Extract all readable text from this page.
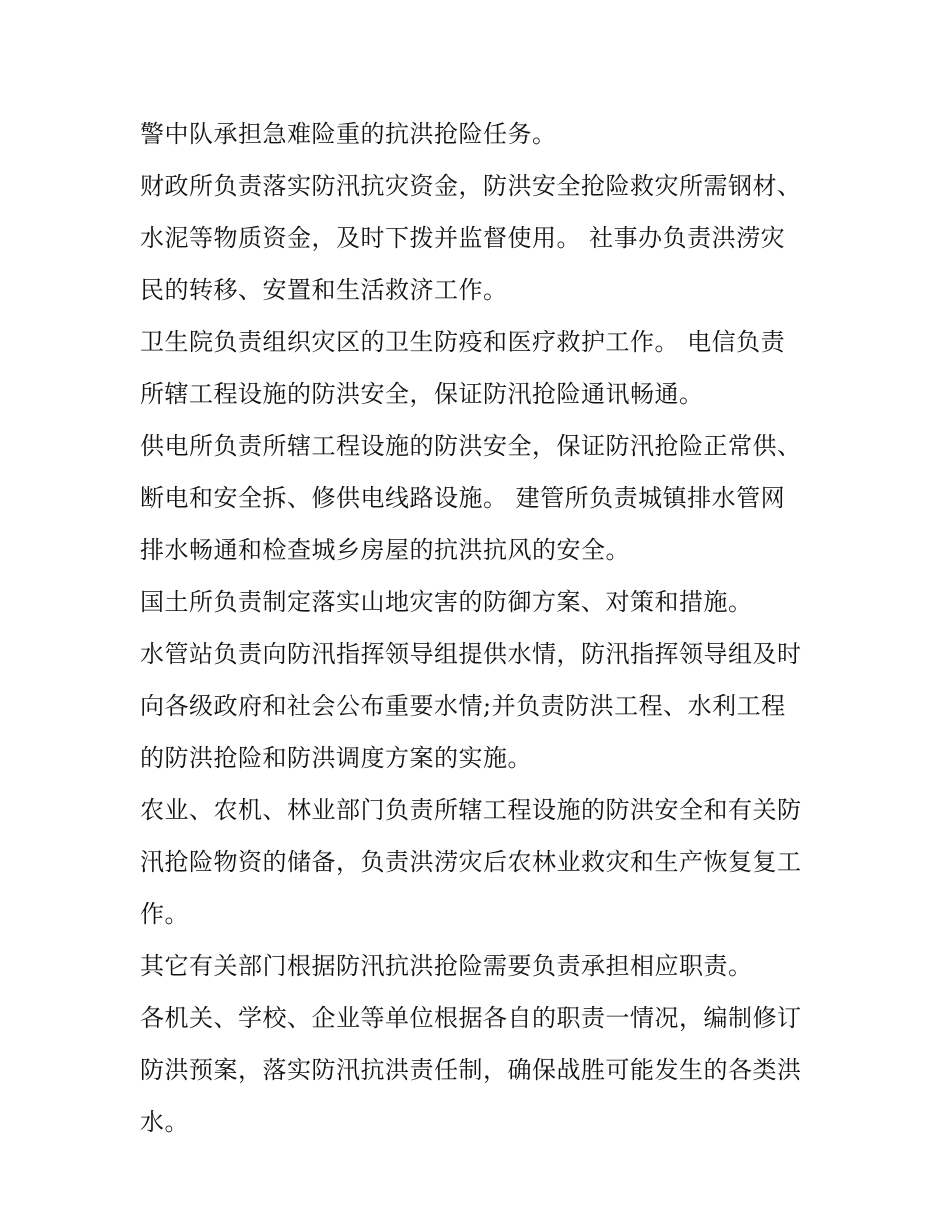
警中队承担急难险重的抗洪抢险任务。
财政所负责落实防汛抗灾资金，防洪安全抢险救灾所需钢材、
水泥等物质资金，及时下拨并监督使用。 社事办负责洪涝灾
民的转移、安置和生活救济工作。
卫生院负责组织灾区的卫生防疫和医疗救护工作。 电信负责
所辖工程设施的防洪安全，保证防汛抢险通讯畅通。
供电所负责所辖工程设施的防洪安全，保证防汛抢险正常供、
断电和安全拆、修供电线路设施。 建管所负责城镇排水管网
排水畅通和检查城乡房屋的抗洪抗风的安全。
国土所负责制定落实山地灾害的防御方案、对策和措施。
水管站负责向防汛指挥领导组提供水情，防汛指挥领导组及时
向各级政府和社会公布重要水情;并负责防洪工程、水利工程
的防洪抢险和防洪调度方案的实施。
农业、农机、林业部门负责所辖工程设施的防洪安全和有关防
汛抢险物资的储备，负责洪涝灾后农林业救灾和生产恢复复工
作。
其它有关部门根据防汛抗洪抢险需要负责承担相应职责。
各机关、学校、企业等单位根据各自的职责一情况，编制修订
防洪预案，落实防汛抗洪责任制，确保战胜可能发生的各类洪
水。
